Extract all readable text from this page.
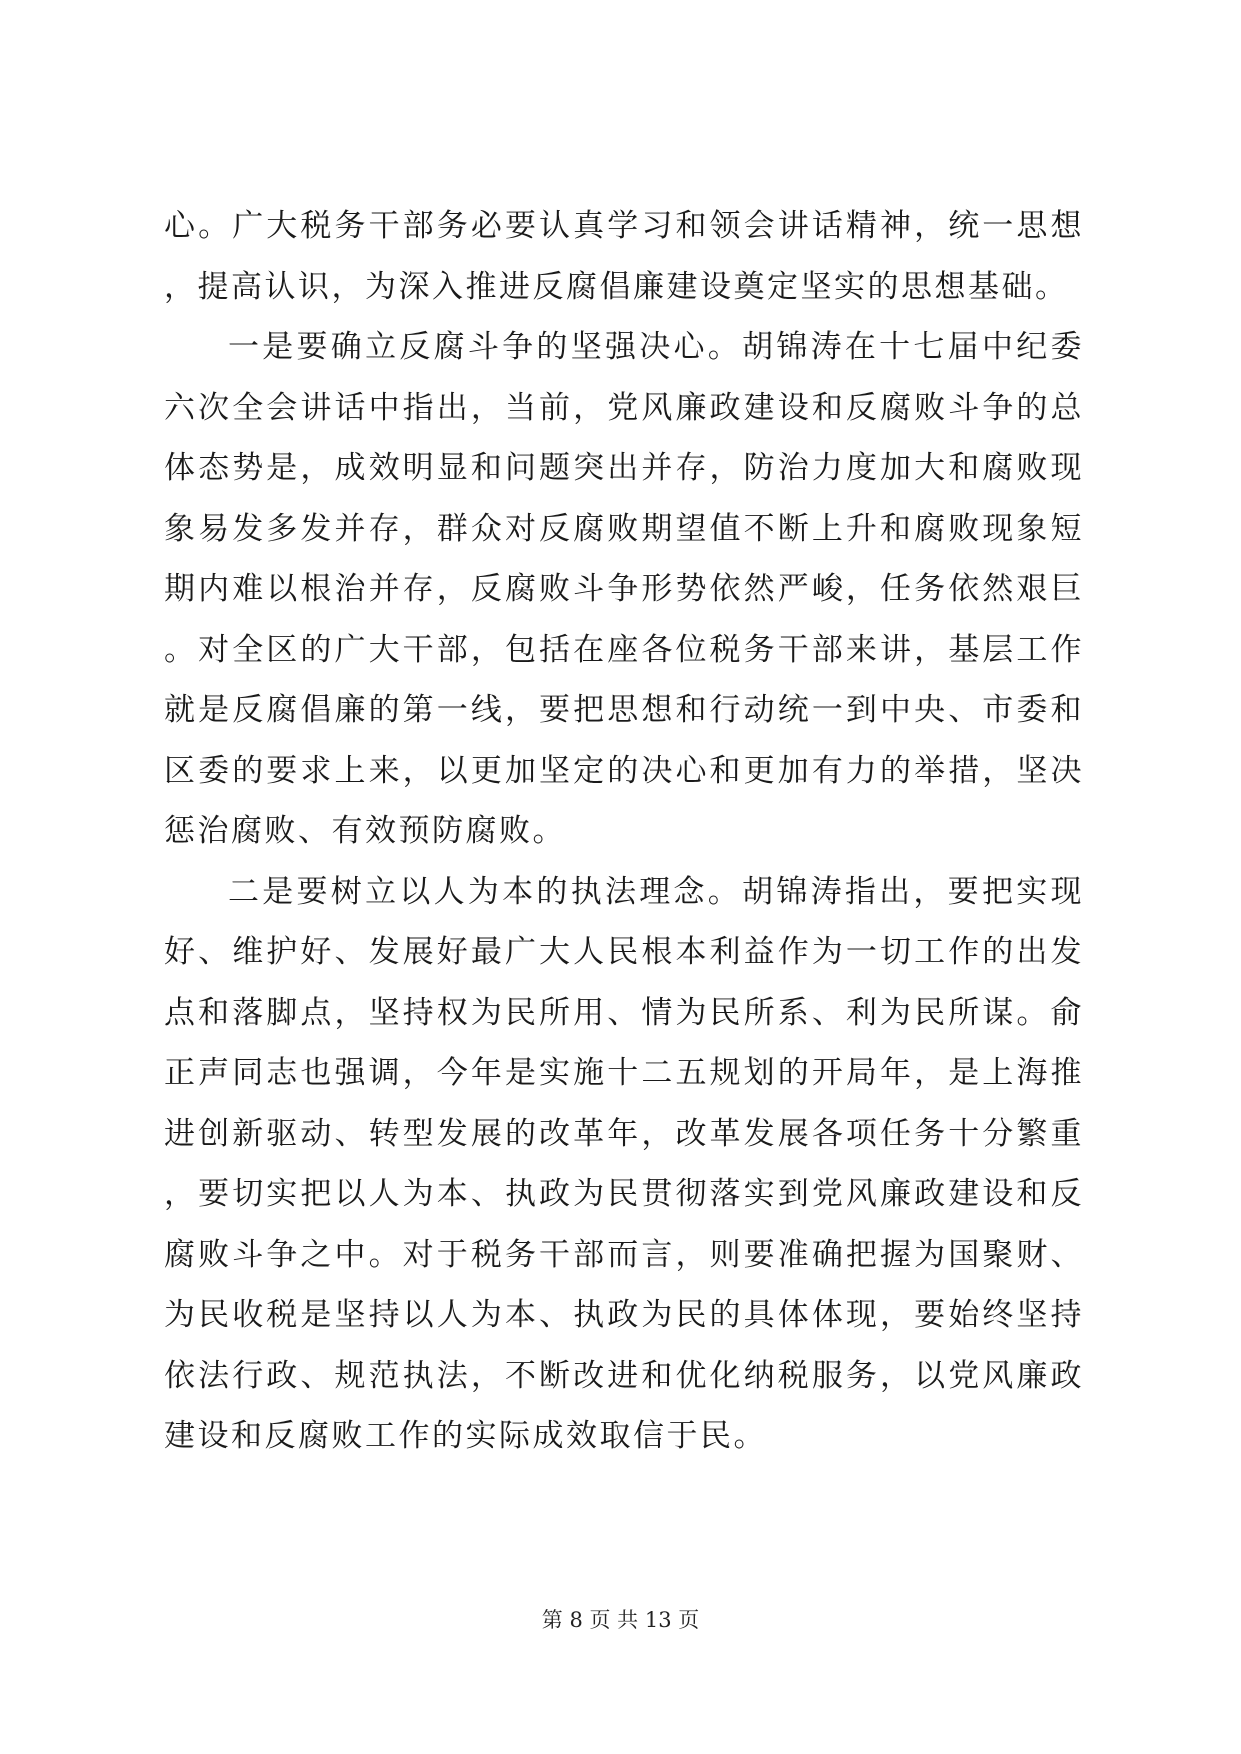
心。广大税务干部务必要认真学习和领会讲话精神，统一思想，提高认识，为深入推进反腐倡廉建设奠定坚实的思想基础。

一是要确立反腐斗争的坚强决心。胡锦涛在十七届中纪委六次全会讲话中指出，当前，党风廉政建设和反腐败斗争的总体态势是，成效明显和问题突出并存，防治力度加大和腐败现象易发多发并存，群众对反腐败期望值不断上升和腐败现象短期内难以根治并存，反腐败斗争形势依然严峻，任务依然艰巨。对全区的广大干部，包括在座各位税务干部来讲，基层工作就是反腐倡廉的第一线，要把思想和行动统一到中央、市委和区委的要求上来，以更加坚定的决心和更加有力的举措，坚决惩治腐败、有效预防腐败。

二是要树立以人为本的执法理念。胡锦涛指出，要把实现好、维护好、发展好最广大人民根本利益作为一切工作的出发点和落脚点，坚持权为民所用、情为民所系、利为民所谋。俞正声同志也强调，今年是实施十二五规划的开局年，是上海推进创新驱动、转型发展的改革年，改革发展各项任务十分繁重，要切实把以人为本、执政为民贯彻落实到党风廉政建设和反腐败斗争之中。对于税务干部而言，则要准确把握为国聚财、为民收税是坚持以人为本、执政为民的具体体现，要始终坚持依法行政、规范执法，不断改进和优化纳税服务，以党风廉政建设和反腐败工作的实际成效取信于民。

第 8 页 共 13 页
